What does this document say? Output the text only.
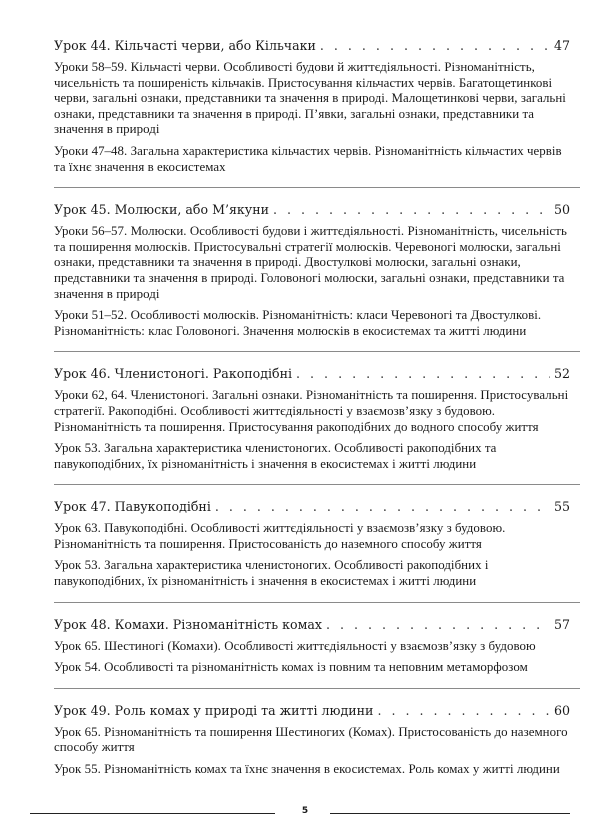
Урок 44. Кільчасті черви, або Кільчаки . . .	47

Уроки 58–59. Кільчасті черви. Особливості будови й життєдіяльності. Різноманітність, чисельність та поширеність кільчаків. Пристосування кільчастих червів. Багатощетинкові черви, загальні ознаки, представники та значення в природі. Малощетинкові черви, загальні ознаки, представники та значення в природі. П’явки, загальні ознаки, представники та значення в природі

Уроки 47–48. Загальна характеристика кільчастих червів. Різноманітність кільчастих червів та їхнє значення в екосистемах

Урок 45. Молюски, або М’якуни . . .	50

Уроки 56–57. Молюски. Особливості будови і життєдіяльності. Різноманітність, чисельність та поширення молюсків. Пристосувальні стратегії молюсків. Черевоногі молюски, загальні ознаки, представники та значення в природі. Двостулкові молюски, загальні ознаки, представники та значення в природі. Головоногі молюски, загальні ознаки, представники та значення в природі

Уроки 51–52. Особливості молюсків. Різноманітність: класи Черевоногі та Двостулкові. Різноманітність: клас Головоногі. Значення молюсків в екосистемах та житті людини

Урок 46. Членистоногі. Ракоподібні . . .	52

Уроки 62, 64. Членистоногі. Загальні ознаки. Різноманітність та поширення. Пристосувальні стратегії. Ракоподібні. Особливості життєдіяльності у взаємозв’язку з будовою. Різноманітність та поширення. Пристосування ракоподібних до водного способу життя

Урок 53. Загальна характеристика членистоногих. Особливості ракоподібних та павукоподібних, їх різноманітність і значення в екосистемах і житті людини

Урок 47. Павукоподібні . . .	55

Урок 63. Павукоподібні. Особливості життєдіяльності у взаємозв’язку з будовою. Різноманітність та поширення. Пристосованість до наземного способу життя

Урок 53. Загальна характеристика членистоногих. Особливості ракоподібних і павукоподібних, їх різноманітність і значення в екосистемах і житті людини

Урок 48. Комахи. Різноманітність комах . . .	57

Урок 65. Шестиногі (Комахи). Особливості життєдіяльності у взаємозв’язку з будовою

Урок 54. Особливості та різноманітність комах із повним та неповним метаморфозом

Урок 49. Роль комах у природі та житті людини . . .	60

Урок 65. Різноманітність та поширення Шестиногих (Комах). Пристосованість до наземного способу життя

Урок 55. Різноманітність комах та їхнє значення в екосистемах. Роль комах у житті людини

5
